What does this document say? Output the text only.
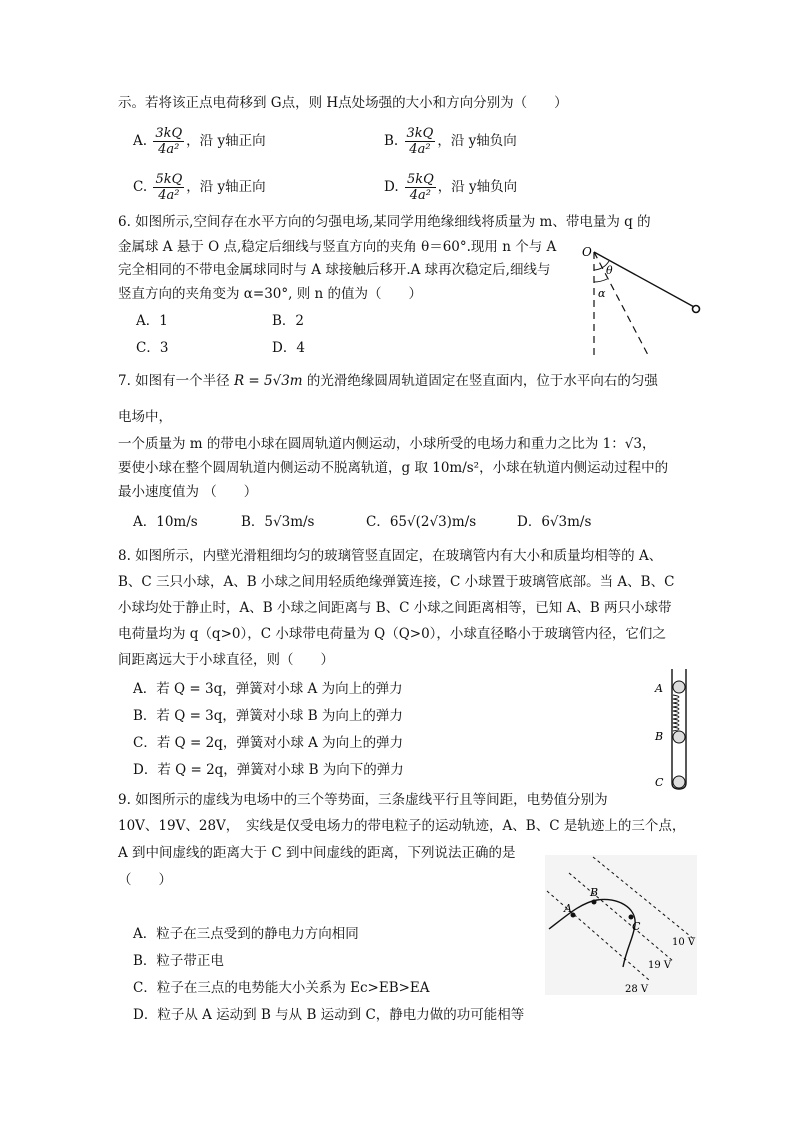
示。若将该正点电荷移到 G点，则 H点处场强的大小和方向分别为（　　）
A. $\frac{3kQ}{\text{4a²}}$ ，沿 y轴正向	B. $\frac{3kQ}{\text{4a²}}$ ，沿 y轴负向
C. $\frac{5kQ}{\text{4a²}}$ ，沿 y轴正向	D. $\frac{5kQ}{\text{4a²}}$ ，沿 y轴负向
6. 如图所示,空间存在水平方向的匀强电场,某同学用绝缘细线将质量为 m、带电量为 q 的
金属球 A 悬于 O 点,稳定后细线与竖直方向的夹角 θ＝60°.现用 n 个与 A
完全相同的不带电金属球同时与 A 球接触后移开.A 球再次稳定后,细线与
竖直方向的夹角变为 α=30°, 则 n 的值为（　　）
A．1	B．2
C．3	D．4
O
θ
α
7. 如图有一个半径 R = 5√3m 的光滑绝缘圆周轨道固定在竖直面内，位于水平向右的匀强
电场中，
一个质量为 m 的带电小球在圆周轨道内侧运动，小球所受的电场力和重力之比为 1：√3，
要使小球在整个圆周轨道内侧运动不脱离轨道，g 取 10m/s²，小球在轨道内侧运动过程中的
最小速度值为 （　　）
A．10m/s	B．5√3m/s	C．65√(2√3)m/s	D．6√3m/s
8. 如图所示，内壁光滑粗细均匀的玻璃管竖直固定，在玻璃管内有大小和质量均相等的 A、
B、C 三只小球，A、B 小球之间用轻质绝缘弹簧连接，C 小球置于玻璃管底部。当 A、B、C
小球均处于静止时，A、B 小球之间距离与 B、C 小球之间距离相等，已知 A、B 两只小球带
电荷量均为 q（q>0），C 小球带电荷量为 Q（Q>0），小球直径略小于玻璃管内径，它们之
间距离远大于小球直径，则（　　）
A．若 Q = 3q，弹簧对小球 A 为向上的弹力
B．若 Q = 3q，弹簧对小球 B 为向上的弹力
C．若 Q = 2q，弹簧对小球 A 为向上的弹力
D．若 Q = 2q，弹簧对小球 B 为向下的弹力
A
B
C
9. 如图所示的虚线为电场中的三个等势面，三条虚线平行且等间距，电势值分别为
10V、19V、28V，　实线是仅受电场力的带电粒子的运动轨迹，A、B、C 是轨迹上的三个点，
A 到中间虚线的距离大于 C 到中间虚线的距离，下列说法正确的是
（　　）
A．粒子在三点受到的静电力方向相同
B．粒子带正电
C．粒子在三点的电势能大小关系为 Ec>EB>EA
D．粒子从 A 运动到 B 与从 B 运动到 C，静电力做的功可能相等
A
B
C
10 V
19 V
28 V
